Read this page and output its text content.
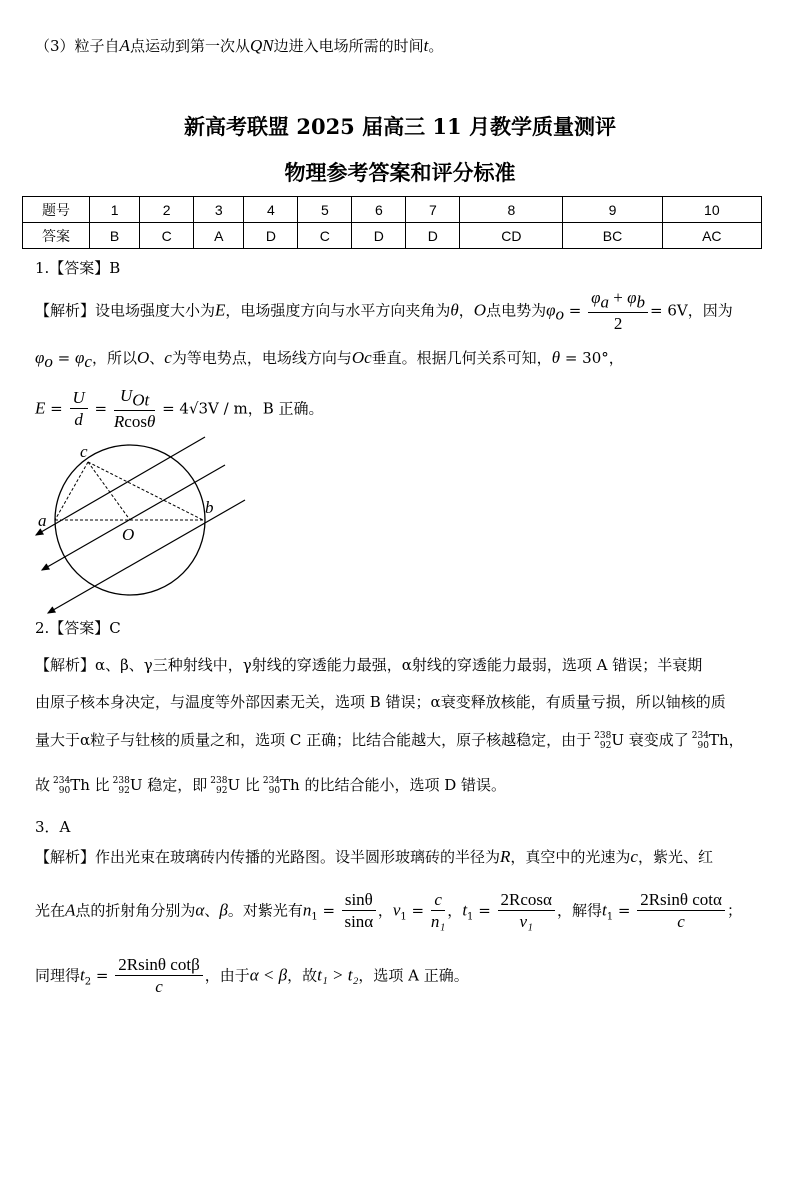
（3）粒子自A点运动到第一次从QN边进入电场所需的时间t。
新高考联盟 2025 届高三 11 月教学质量测评
物理参考答案和评分标准
题号	1	2	3	4	5	6	7	8	9	10
答案	B	C	A	D	C	D	D	CD	BC	AC
1.【答案】B
【解析】设电场强度大小为E，电场强度方向与水平方向夹角为θ，O点电势为$\varphi_o = \frac{\varphi_a + \varphi_b}{2} = 6V$，因为
$\varphi_o = \varphi_c$，所以O、c为等电势点，电场线方向与Oc垂直。根据几何关系可知，θ = 30°，
$E = \frac{U}{d} = \frac{U_{Ot}}{Rcos\theta} = 4√3V / m$，B 正确。
c
a
O
b
2.【答案】C
【解析】α、β、γ三种射线中，γ射线的穿透能力最强，α射线的穿透能力最弱，选项 A 错误；半衰期
由原子核本身决定，与温度等外部因素无关，选项 B 错误；α衰变释放核能，有质量亏损，所以铀核的质
量大于α粒子与钍核的质量之和，选项 C 正确；比结合能越大，原子核越稳定，由于 238
92 U 衰变成了 234
90 Th，
故 234
90 Th 比 238
92 U 稳定，即 238
92 U 比 234
90 Th 的比结合能小，选项 D 错误。
3．A
【解析】作出光束在玻璃砖内传播的光路图。设半圆形玻璃砖的半径为R，真空中的光速为c，紫光、红
光在A点的折射角分别为α、β。对紫光有$n_1 = \frac{\sin\theta}{\sin\alpha}$ ，$v_1 = \frac{c}{\text{n₁}}$ ，$t_1 = \frac{2Rcos\alpha}{\text{v₁}}$ ，解得$t_1 = \frac{\text{2Rsinθ cotα}}{c}$ ；
同理得$t_2 = \frac{\text{2Rsinθ cotβ}}{c}$ ，由于α < β，故t₁ > t₂，选项 A 正确。
